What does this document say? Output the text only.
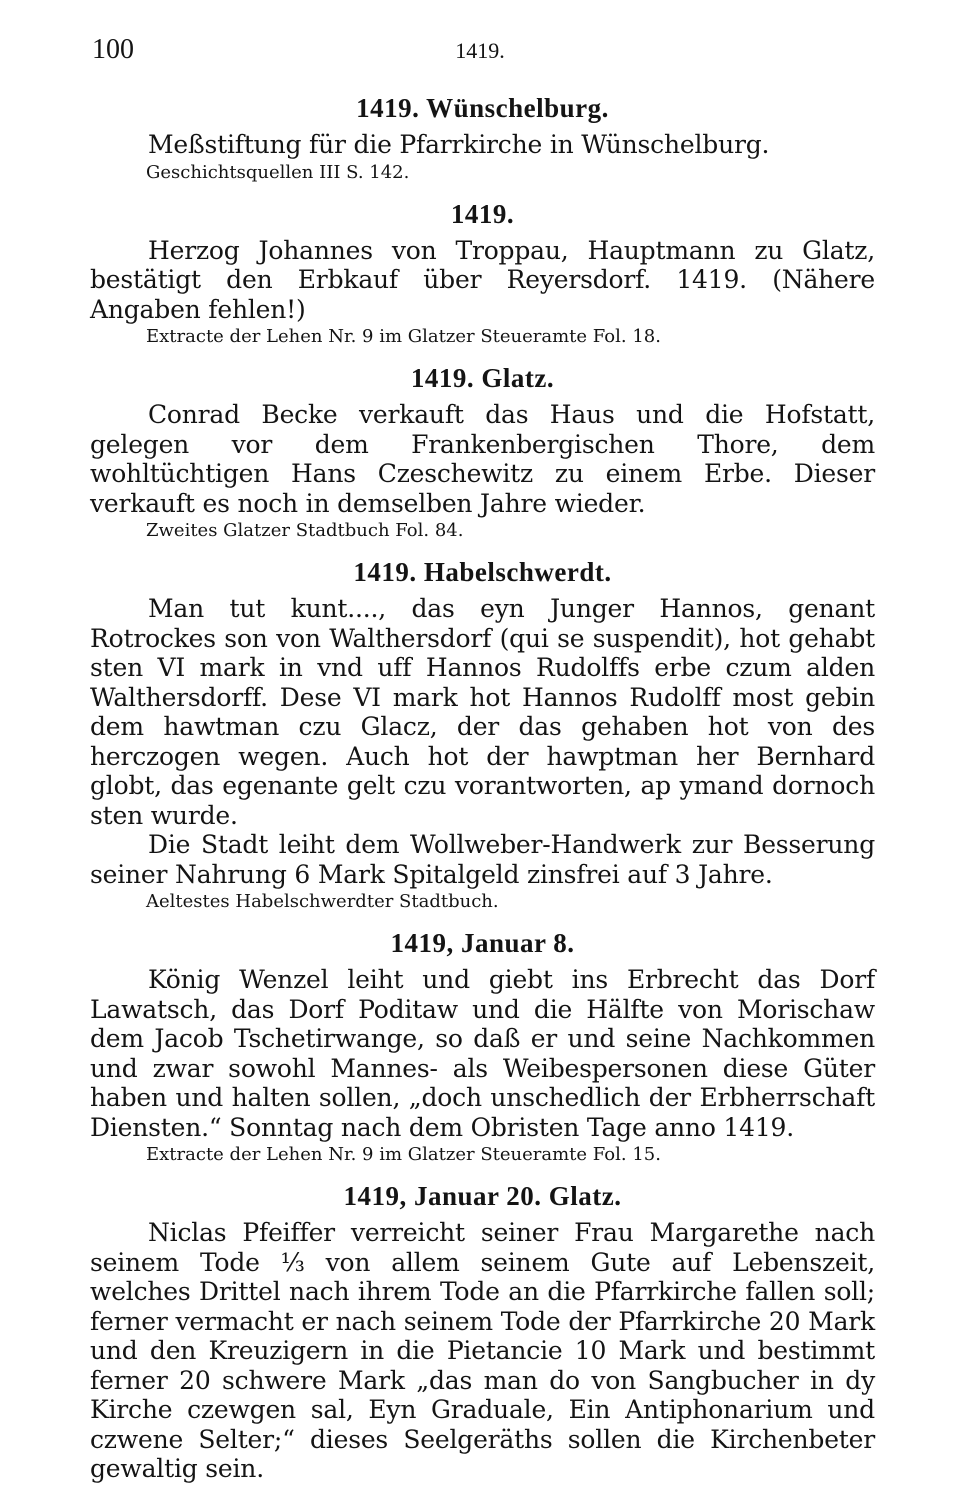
100	1419.
1419. Wünschelburg.

Meßstiftung für die Pfarrkirche in Wünschelburg.

Geschichtsquellen III S. 142.
1419.

Herzog Johannes von Troppau, Hauptmann zu Glatz, bestätigt den Erbkauf über Reyersdorf. 1419. (Nähere Angaben fehlen!)

Extracte der Lehen Nr. 9 im Glatzer Steueramte Fol. 18.
1419. Glatz.

Conrad Becke verkauft das Haus und die Hofstatt, gelegen vor dem Frankenbergischen Thore, dem wohltüchtigen Hans Czeschewitz zu einem Erbe. Dieser verkauft es noch in demselben Jahre wieder.

Zweites Glatzer Stadtbuch Fol. 84.
1419. Habelschwerdt.

Man tut kunt...., das eyn Junger Hannos, genant Rotrockes son von Walthersdorf (qui se suspendit), hot gehabt sten VI mark in vnd uff Hannos Rudolffs erbe czum alden Walthersdorff. Dese VI mark hot Hannos Rudolff most gebin dem hawtman czu Glacz, der das gehaben hot von des herczogen wegen. Auch hot der hawptman her Bernhard globt, das egenante gelt czu vorantworten, ap ymand dornoch sten wurde.

Die Stadt leiht dem Wollweber-Handwerk zur Besserung seiner Nahrung 6 Mark Spitalgeld zinsfrei auf 3 Jahre.

Aeltestes Habelschwerdter Stadtbuch.
1419, Januar 8.

König Wenzel leiht und giebt ins Erbrecht das Dorf Lawatsch, das Dorf Poditaw und die Hälfte von Morischaw dem Jacob Tschetirwange, so daß er und seine Nachkommen und zwar sowohl Mannes- als Weibespersonen diese Güter haben und halten sollen, „doch unschedlich der Erbherrschaft Diensten.“ Sonntag nach dem Obristen Tage anno 1419.

Extracte der Lehen Nr. 9 im Glatzer Steueramte Fol. 15.
1419, Januar 20. Glatz.

Niclas Pfeiffer verreicht seiner Frau Margarethe nach seinem Tode ⅓ von allem seinem Gute auf Lebenszeit, welches Drittel nach ihrem Tode an die Pfarrkirche fallen soll; ferner vermacht er nach seinem Tode der Pfarrkirche 20 Mark und den Kreuzigern in die Pietancie 10 Mark und bestimmt ferner 20 schwere Mark „das man do von Sangbucher in dy Kirche czewgen sal, Eyn Graduale, Ein Antiphonarium und czwene Selter;“ dieses Seelgeräths sollen die Kirchenbeter gewaltig sein.
